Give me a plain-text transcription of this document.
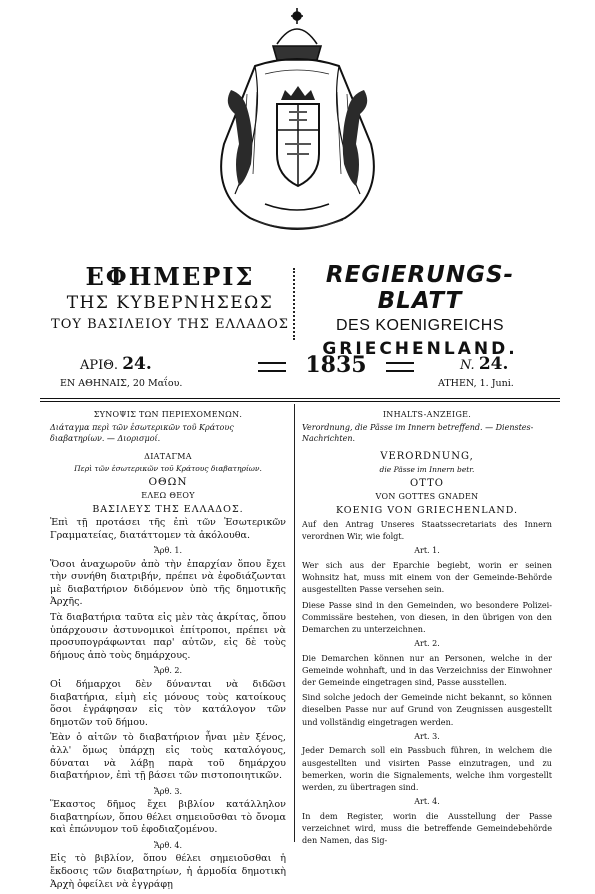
ΕΦΗΜΕΡΙΣ
ΤΗΣ ΚΥΒΕΡΝΗΣΕΩΣ
ΤΟΥ ΒΑΣΙΛΕΙΟΥ ΤΗΣ ΕΛΛΑΔΟΣ
REGIERUNGS-BLATT
DES KOENIGREICHS
GRIECHENLAND.
ΑΡΙΘ. 24.	1835	N. 24.
ΕΝ ΑΘΗΝΑΙΣ, 20 Μαΐου.	ATHEN, 1. Juni.
ΣΥΝΟΨΙΣ ΤΩΝ ΠΕΡΙΕΧΟΜΕΝΩΝ.
Διάταγμα περὶ τῶν ἐσωτερικῶν τοῦ Κράτους διαβατηρίων. — Διορισμοί.
ΔΙΑΤΑΓΜΑ
Περὶ τῶν ἐσωτερικῶν τοῦ Κράτους διαβατηρίων.
ΟΘΩΝ
ΕΛΕΩ ΘΕΟΥ
ΒΑΣΙΛΕΥΣ ΤΗΣ ΕΛΛΑΔΟΣ.

Ἐπὶ τῇ προτάσει τῆς ἐπὶ τῶν Ἐσωτερικῶν Γραμματείας, διατάττομεν τὰ ἀκόλουθα.

Ἄρθ. 1.

Ὅσοι ἀναχωροῦν ἀπὸ τὴν ἐπαρχίαν ὅπου ἔχει τὴν συνήθη διατριβήν, πρέπει νὰ ἐφοδιάζωνται μὲ διαβατήριον διδόμενον ὑπὸ τῆς δημοτικῆς Ἀρχῆς.

Τὰ διαβατήρια ταῦτα εἰς μὲν τὰς ἀκρίτας, ὅπου ὑπάρχουσιν ἀστυνομικοὶ ἐπίτροποι, πρέπει νὰ προσυπογράφωνται παρ' αὐτῶν, εἰς δὲ τοὺς δήμους ἀπὸ τοὺς δημάρχους.

Ἄρθ. 2.

Οἱ δήμαρχοι δὲν δύνανται νὰ διδῶσι διαβατήρια, εἰμὴ εἰς μόνους τοὺς κατοίκους ὅσοι ἐγράφησαν εἰς τὸν κατάλογον τῶν δημοτῶν τοῦ δήμου.

Ἐὰν ὁ αἰτῶν τὸ διαβατήριον ἦναι μὲν ξένος, ἀλλ' ὅμως ὑπάρχῃ εἰς τοὺς καταλόγους, δύναται νὰ λάβῃ παρὰ τοῦ δημάρχου διαβατήριον, ἐπὶ τῇ βάσει τῶν πιστοποιητικῶν.

Ἄρθ. 3.

Ἕκαστος δῆμος ἔχει βιβλίον κατάλληλον διαβατηρίων, ὅπου θέλει σημειοῦσθαι τὸ ὄνομα καὶ ἐπώνυμον τοῦ ἐφοδιαζομένου.

Ἄρθ. 4.

Εἰς τὸ βιβλίον, ὅπου θέλει σημειοῦσθαι ἡ ἔκδοσις τῶν διαβατηρίων, ἡ ἁρμοδία δημοτικὴ Ἀρχὴ ὀφείλει νὰ ἐγγράφῃ

INHALTS-ANZEIGE.
Verordnung, die Pässe im Innern betreffend. — Dienstes-Nachrichten.
VERORDNUNG,
die Pässe im Innern betr.
OTTO
VON GOTTES GNADEN
KOENIG VON GRIECHENLAND.

Auf den Antrag Unseres Staatssecretariats des Innern verordnen Wir, wie folgt.

Art. 1.

Wer sich aus der Eparchie begiebt, worin er seinen Wohnsitz hat, muss mit einem von der Gemeinde-Behörde ausgestellten Passe versehen sein.

Diese Passe sind in den Gemeinden, wo besondere Polizei-Commissäre bestehen, von diesen, in den übrigen von den Demarchen zu unterzeichnen.

Art. 2.

Die Demarchen können nur an Personen, welche in der Gemeinde wohnhaft, und in das Verzeichniss der Einwohner der Gemeinde eingetragen sind, Passe ausstellen.

Sind solche jedoch der Gemeinde nicht bekannt, so können dieselben Passe nur auf Grund von Zeugnissen ausgestellt und vollständig eingetragen werden.

Art. 3.

Jeder Demarch soll ein Passbuch führen, in welchem die ausgestellten und visirten Passe einzutragen, und zu bemerken, worin die Signalements, welche ihm vorgestellt werden, zu übertragen sind.

Art. 4.

In dem Register, worin die Ausstellung der Passe verzeichnet wird, muss die betreffende Gemeindebehörde den Namen, das Sig-
